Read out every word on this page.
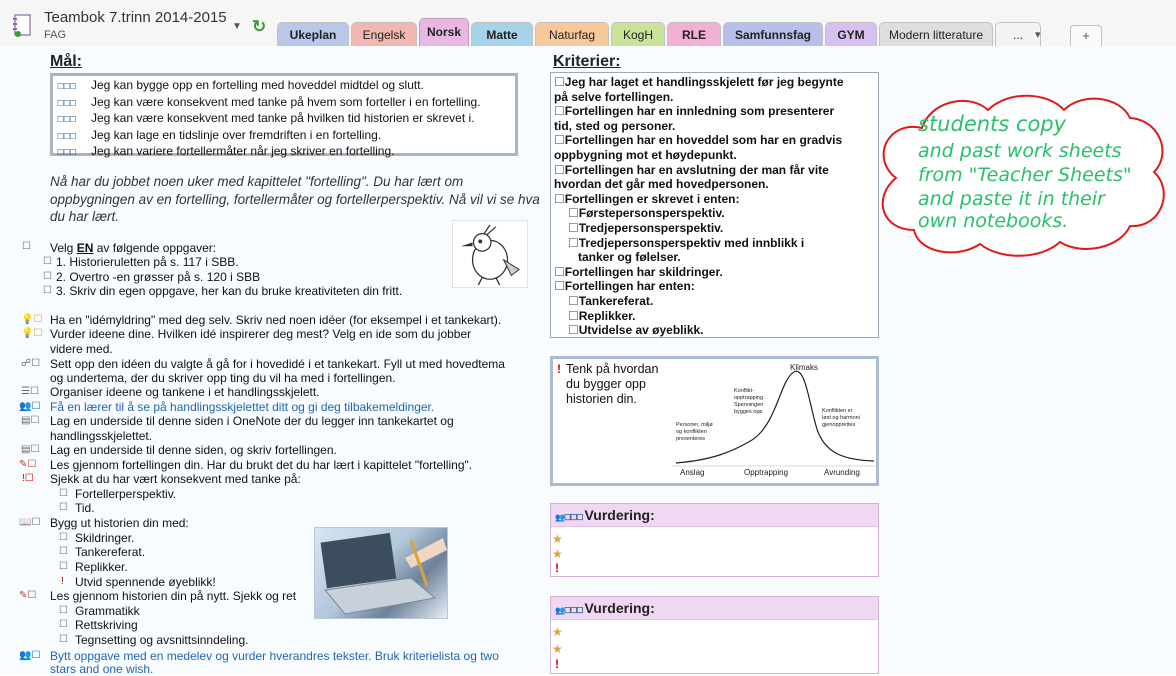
Teambok 7.trinn 2014-2015
FAG
▼ ↻	Ukeplan	Engelsk	Norsk	Matte	Naturfag	KogH	RLE	Samfunnsfag	GYM	Modern litterature	...	+
Mål:
☐☐☐ Jeg kan bygge opp en fortelling med hoveddel midtdel og slutt.
☐☐☐ Jeg kan være konsekvent med tanke på hvem som forteller i en fortelling.
☐☐☐ Jeg kan være konsekvent med tanke på hvilken tid historien er skrevet i.
☐☐☐ Jeg kan lage en tidslinje over fremdriften i en fortelling.
☐☐☐ Jeg kan variere fortellermåter når jeg skriver en fortelling.
Nå har du jobbet noen uker med kapittelet "fortelling". Du har lært om oppbygningen av en fortelling, fortellermåter og fortellerperspektiv. Nå vil vi se hva du har lært.
☐	Velg EN av følgende oppgaver:
☐ 1. Historieruletten på s. 117 i SBB.
☐ 2. Overtro -en grøsser på s. 120 i SBB
☐ 3. Skriv din egen oppgave, her kan du bruke kreativiteten din fritt.
💡☐ Ha en "idémyldring" med deg selv. Skriv ned noen idéer (for eksempel i et tankekart).
💡☐ Vurder ideene dine. Hvilken idé inspirerer deg mest? Velg en ide som du jobber
videre med.
☍☐ Sett opp den idéen du valgte å gå for i hovedidé i et tankekart. Fyll ut med hovedtema
og undertema, der du skriver opp ting du vil ha med i fortellingen.
☰☐ Organiser ideene og tankene i et handlingsskjelett.
👥☐ Få en lærer til å se på handlingsskjelettet ditt og gi deg tilbakemeldinger.
▤☐ Lag en underside til denne siden i OneNote der du legger inn tankekartet og
handlingsskjelettet.
▤☐ Lag en underside til denne siden, og skriv fortellingen.
✎☐	Les gjennom fortellingen din. Har du brukt det du har lært i kapittelet "fortelling".
!☐	Sjekk at du har vært konsekvent med tanke på:
☐ Fortellerperspektiv.
☐ Tid.
📖☐ Bygg ut historien din med:
☐ Skildringer.
☐ Tankereferat.
☐ Replikker.
! Utvid spennende øyeblikk!
✎☐	Les gjennom historien din på nytt. Sjekk og ret
☐ Grammatikk
☐ Rettskriving
☐ Tegnsetting og avsnittsinndeling.
👥☐ Bytt oppgave med en medelev og vurder hverandres tekster. Bruk kriterielista og two
stars and one wish.
Kriterier:
☐Jeg har laget et handlingsskjelett før jeg begynte
på selve fortellingen.
☐Fortellingen har en innledning som presenterer
tid, sted og personer.
☐Fortellingen har en hoveddel som har en gradvis
oppbygning mot et høydepunkt.
☐Fortellingen har en avslutning der man får vite
hvordan det går med hovedpersonen.
☐Fortellingen er skrevet i enten:
☐Førstepersonsperspektiv.
☐Tredjepersonsperspektiv.
☐Tredjepersonsperspektiv med innblikk i
tanker og følelser.
☐Fortellingen har skildringer.
☐Fortellingen har enten:
☐Tankereferat.
☐Replikker.
☐Utvidelse av øyeblikk.
! Tenk på hvordan
du bygger opp
historien din.
Klimaks
Personer, miljø og konflikten presenteres
Konflikt- opptrapping. Spenningen bygges opp	Konflikten er løst og harmoni gjenopprettes
Anslag	Opptrapping	Avrunding
👥☐☐☐ Vurdering:
★
★
!
👥☐☐☐ Vurdering:
★
★
!
students copy
and past work sheets
from "Teacher Sheets"
and paste it in their
own notebooks.
▾
